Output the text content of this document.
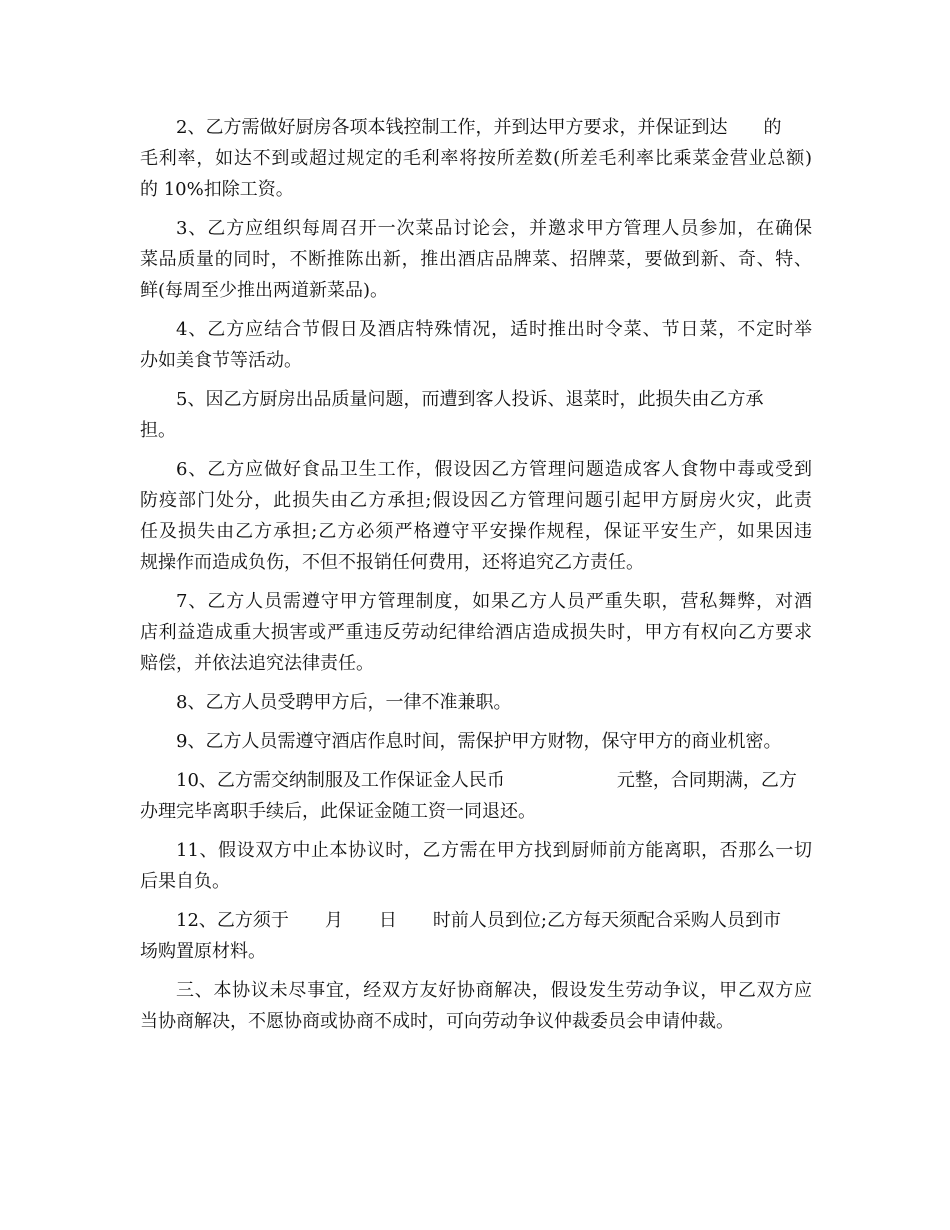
2、乙方需做好厨房各项本钱控制工作，并到达甲方要求，并保证到达 的
毛利率，如达不到或超过规定的毛利率将按所差数(所差毛利率比乘菜金营业总额)
的 10%扣除工资。
3、乙方应组织每周召开一次菜品讨论会，并邀求甲方管理人员参加，在确保
菜品质量的同时，不断推陈出新，推出酒店品牌菜、招牌菜，要做到新、奇、特、
鲜(每周至少推出两道新菜品)。
4、乙方应结合节假日及酒店特殊情况，适时推出时令菜、节日菜，不定时举
办如美食节等活动。
5、因乙方厨房出品质量问题，而遭到客人投诉、退菜时，此损失由乙方承
担。
6、乙方应做好食品卫生工作，假设因乙方管理问题造成客人食物中毒或受到
防疫部门处分，此损失由乙方承担;假设因乙方管理问题引起甲方厨房火灾，此责
任及损失由乙方承担;乙方必须严格遵守平安操作规程，保证平安生产，如果因违
规操作而造成负伤，不但不报销任何费用，还将追究乙方责任。
7、乙方人员需遵守甲方管理制度，如果乙方人员严重失职，营私舞弊，对酒
店利益造成重大损害或严重违反劳动纪律给酒店造成损失时，甲方有权向乙方要求
赔偿，并依法追究法律责任。
8、乙方人员受聘甲方后，一律不准兼职。
9、乙方人员需遵守酒店作息时间，需保护甲方财物，保守甲方的商业机密。
10、乙方需交纳制服及工作保证金人民币	元整，合同期满，乙方
办理完毕离职手续后，此保证金随工资一同退还。
11、假设双方中止本协议时，乙方需在甲方找到厨师前方能离职，否那么一切
后果自负。
12、乙方须于 月 日 时前人员到位;乙方每天须配合采购人员到市
场购置原材料。
三、本协议未尽事宜，经双方友好协商解决，假设发生劳动争议，甲乙双方应
当协商解决，不愿协商或协商不成时，可向劳动争议仲裁委员会申请仲裁。
